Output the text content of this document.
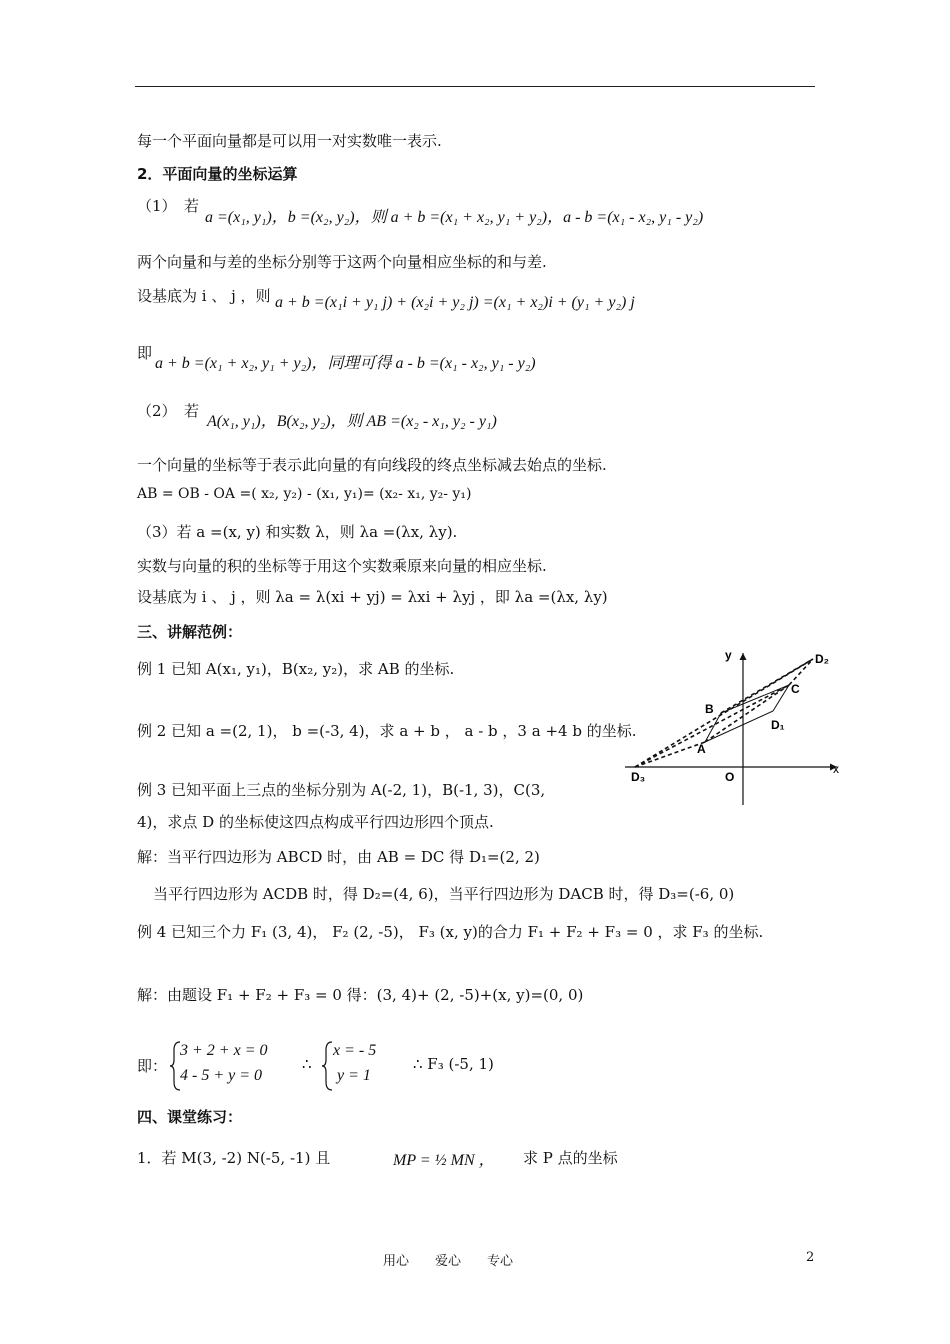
每一个平面向量都是可以用一对实数唯一表示.
2．平面向量的坐标运算
（1）　若
a =(x₁, y₁)，b =(x₂, y₂)，则 a + b =(x₁ + x₂, y₁ + y₂)，a - b =(x₁ - x₂, y₁ - y₂)
两个向量和与差的坐标分别等于这两个向量相应坐标的和与差.
设基底为 i 、 j ，则 a + b =(x₁i + y₁ j) + (x₂i + y₂ j) =(x₁ + x₂)i + (y₁ + y₂) j
即
a + b =(x₁ + x₂, y₁ + y₂)，同理可得 a - b =(x₁ - x₂, y₁ - y₂)
（2）　若
A(x₁, y₁)，B(x₂, y₂)，则 AB =(x₂ - x₁, y₂ - y₁)
一个向量的坐标等于表示此向量的有向线段的终点坐标减去始点的坐标.
AB = OB - OA =( x₂, y₂) - (x₁, y₁)= (x₂- x₁, y₂- y₁)
（3）若 a =(x, y) 和实数 λ，则 λa =(λx, λy).
实数与向量的积的坐标等于用这个实数乘原来向量的相应坐标.
设基底为 i 、 j ，则 λa = λ(xi + yj) = λxi + λyj ，即 λa =(λx, λy)
三、讲解范例：
例 1 已知 A(x₁, y₁)，B(x₂, y₂)，求 AB 的坐标.
例 2 已知 a =(2, 1)， b =(-3, 4)，求 a + b ， a - b ，3 a +4 b 的坐标.
例 3 已知平面上三点的坐标分别为 A(-2, 1)，B(-1, 3)，C(3,
4)，求点 D 的坐标使这四点构成平行四边形四个顶点.
解：当平行四边形为 ABCD 时，由 AB = DC 得 D₁=(2, 2)
当平行四边形为 ACDB 时，得 D₂=(4, 6)，当平行四边形为 DACB 时，得 D₃=(-6, 0)
例 4 已知三个力 F₁ (3, 4)， F₂ (2, -5)， F₃ (x, y)的合力 F₁ + F₂ + F₃ = 0 ，求 F₃ 的坐标.
解：由题设 F₁ + F₂ + F₃ = 0 得：(3, 4)+ (2, -5)+(x, y)=(0, 0)
即：
3 + 2 + x = 0
4 - 5 + y = 0
∴
x = - 5
y = 1
∴ F₃ (-5, 1)
四、课堂练习：
1．若 M(3, -2) N(-5, -1) 且	MP = ½ MN ， 求 P 点的坐标
x
y
O
A
B
C
D₁
D₂
D₃
用心　　爱心　　专心	2
